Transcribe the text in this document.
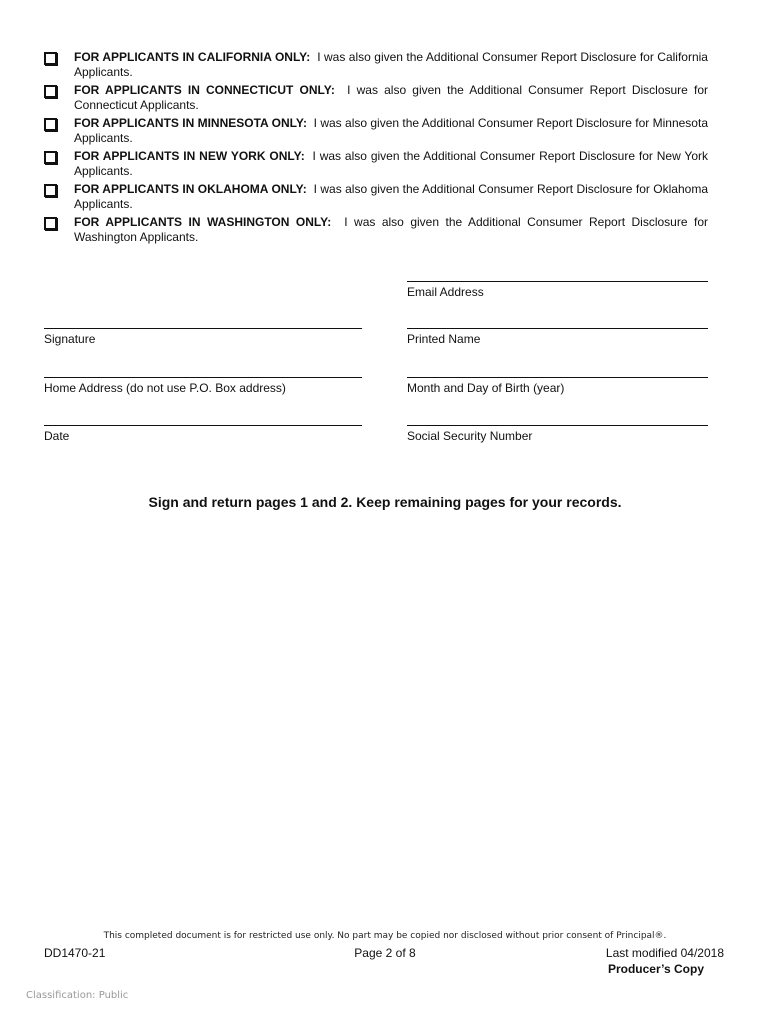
FOR APPLICANTS IN CALIFORNIA ONLY: I was also given the Additional Consumer Report Disclosure for California Applicants.
FOR APPLICANTS IN CONNECTICUT ONLY: I was also given the Additional Consumer Report Disclosure for Connecticut Applicants.
FOR APPLICANTS IN MINNESOTA ONLY: I was also given the Additional Consumer Report Disclosure for Minnesota Applicants.
FOR APPLICANTS IN NEW YORK ONLY: I was also given the Additional Consumer Report Disclosure for New York Applicants.
FOR APPLICANTS IN OKLAHOMA ONLY: I was also given the Additional Consumer Report Disclosure for Oklahoma Applicants.
FOR APPLICANTS IN WASHINGTON ONLY: I was also given the Additional Consumer Report Disclosure for Washington Applicants.
Email Address
Signature	Printed Name
Home Address (do not use P.O. Box address)	Month and Day of Birth (year)
Date	Social Security Number
Sign and return pages 1 and 2. Keep remaining pages for your records.
This completed document is for restricted use only. No part may be copied nor disclosed without prior consent of Principal®.
DD1470-21	Page 2 of 8	Last modified 04/2018
Producer’s Copy
Classification: Public
